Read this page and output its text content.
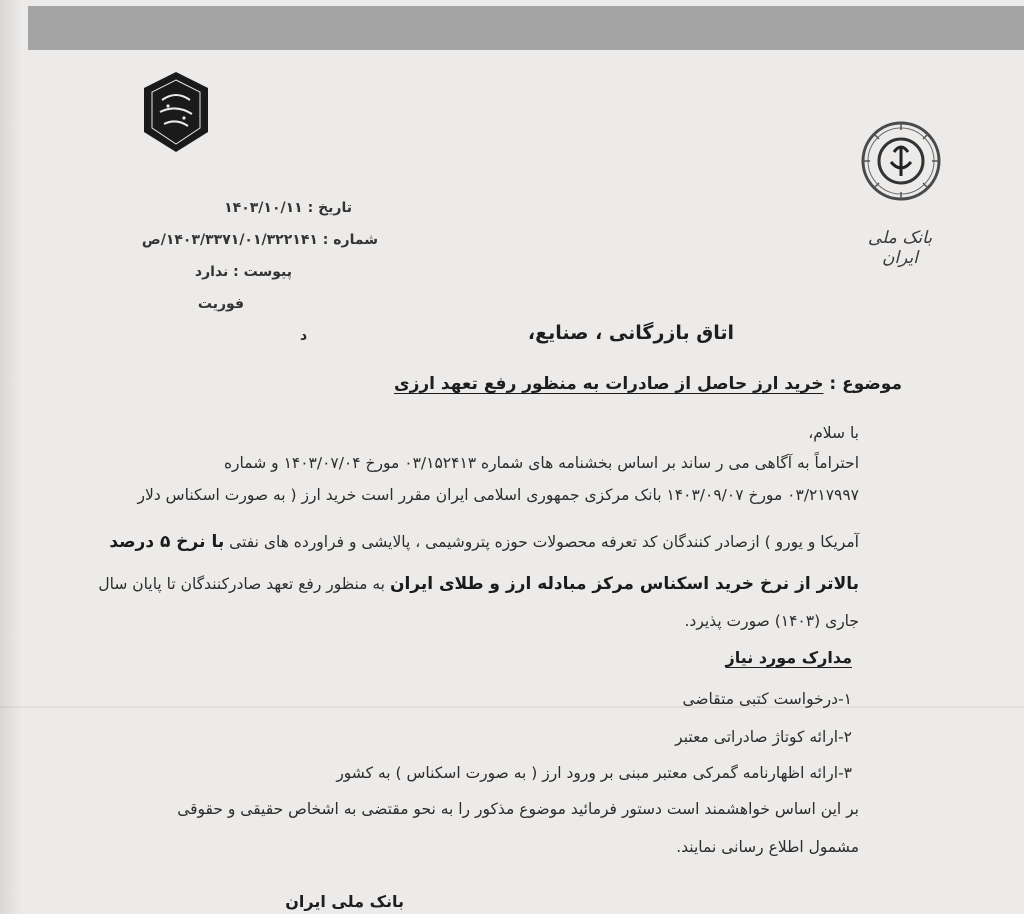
بانک ملی ایران
تاریخ : ۱۴۰۳/۱۰/۱۱
شماره : ۱۴۰۳/۳۳۷۱/۰۱/۳۲۲۱۴۱/ص
پیوست : ندارد
فوریت
اتاق بازرگانی ، صنایع،
د
موضوع : خرید ارز حاصل از صادرات به منظور رفع تعهد ارزی
با سلام،
احتراماً به آگاهی می ر ساند بر اساس بخشنامه های شماره ۰۳/۱۵۲۴۱۳ مورخ ۱۴۰۳/۰۷/۰۴ و شماره
۰۳/۲۱۷۹۹۷ مورخ ۱۴۰۳/۰۹/۰۷ بانک مرکزی جمهوری اسلامی ایران مقرر است خرید ارز ( به صورت اسکناس دلار
آمریکا و یورو ) ازصادر کنندگان کد تعرفه محصولات حوزه پتروشیمی ، پالایشی و فراورده های نفتی با نرخ ۵ درصد
بالاتر از نرخ خرید اسکناس مرکز مبادله ارز و طلای ایران به منظور رفع تعهد صادرکنندگان تا پایان سال
جاری (۱۴۰۳) صورت پذیرد.
مدارک مورد نیاز
۱-درخواست کتبی متقاضی
۲-ارائه کوتاژ صادراتی معتبر
۳-ارائه اظهارنامه گمرکی معتبر مبنی بر ورود ارز ( به صورت اسکناس ) به کشور
بر این اساس خواهشمند است دستور فرمائید موضوع مذکور را به نحو مقتضی به اشخاص حقیقی و حقوقی
مشمول اطلاع رسانی نمایند.
بانک ملی ایران
